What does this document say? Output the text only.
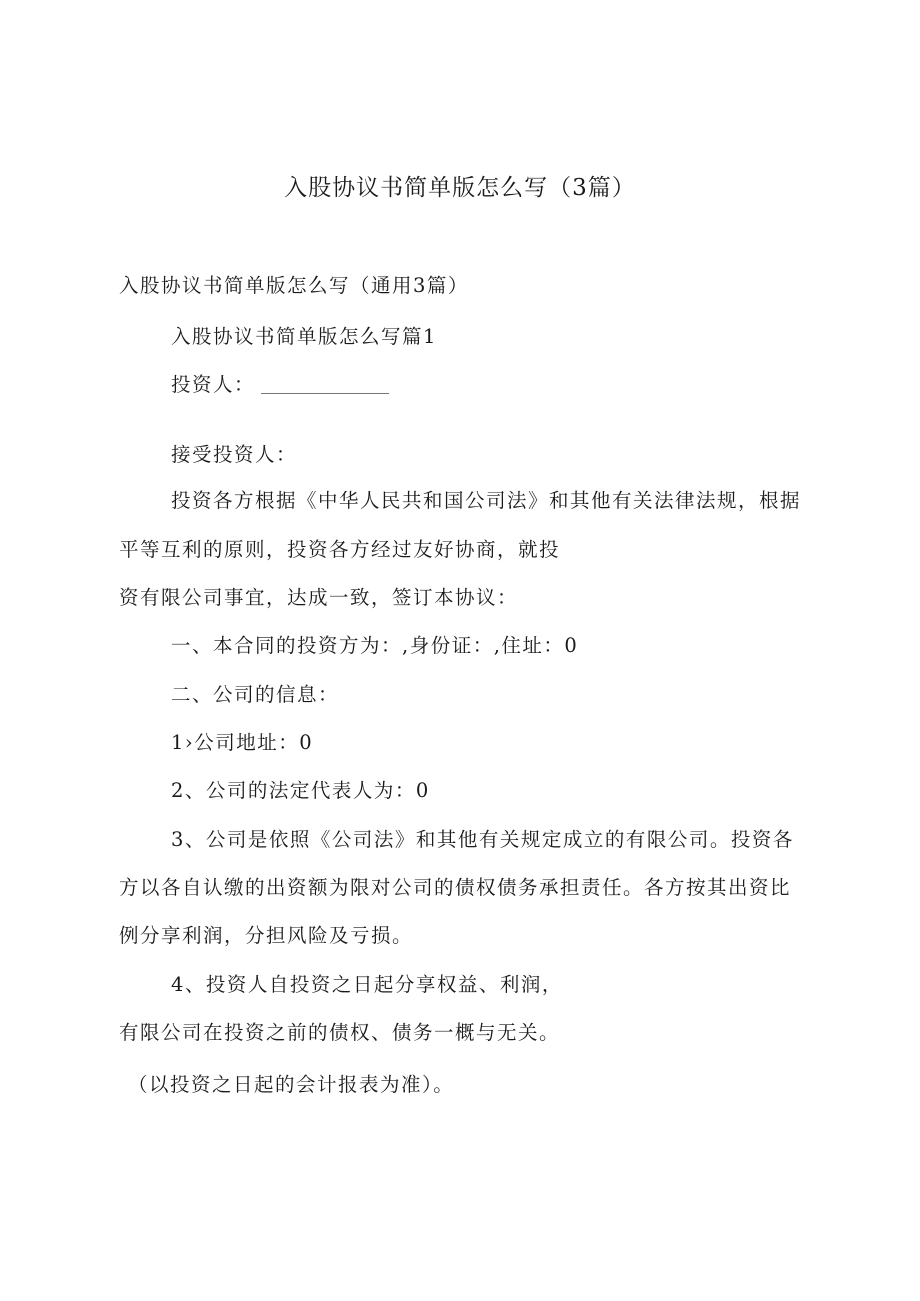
入股协议书简单版怎么写（3篇）
入股协议书简单版怎么写（通用3篇）
入股协议书简单版怎么写篇1
投资人：
接受投资人：
投资各方根据《中华人民共和国公司法》和其他有关法律法规，根据
平等互利的原则，投资各方经过友好协商，就投
资有限公司事宜，达成一致，签订本协议：
一、本合同的投资方为：,身份证：,住址：0
二、公司的信息：
1›公司地址：0
2、公司的法定代表人为：0
3、公司是依照《公司法》和其他有关规定成立的有限公司。投资各
方以各自认缴的出资额为限对公司的债权债务承担责任。各方按其出资比
例分享利润，分担风险及亏损。
4、投资人自投资之日起分享权益、利润，
有限公司在投资之前的债权、债务一概与无关。
（以投资之日起的会计报表为准）。
